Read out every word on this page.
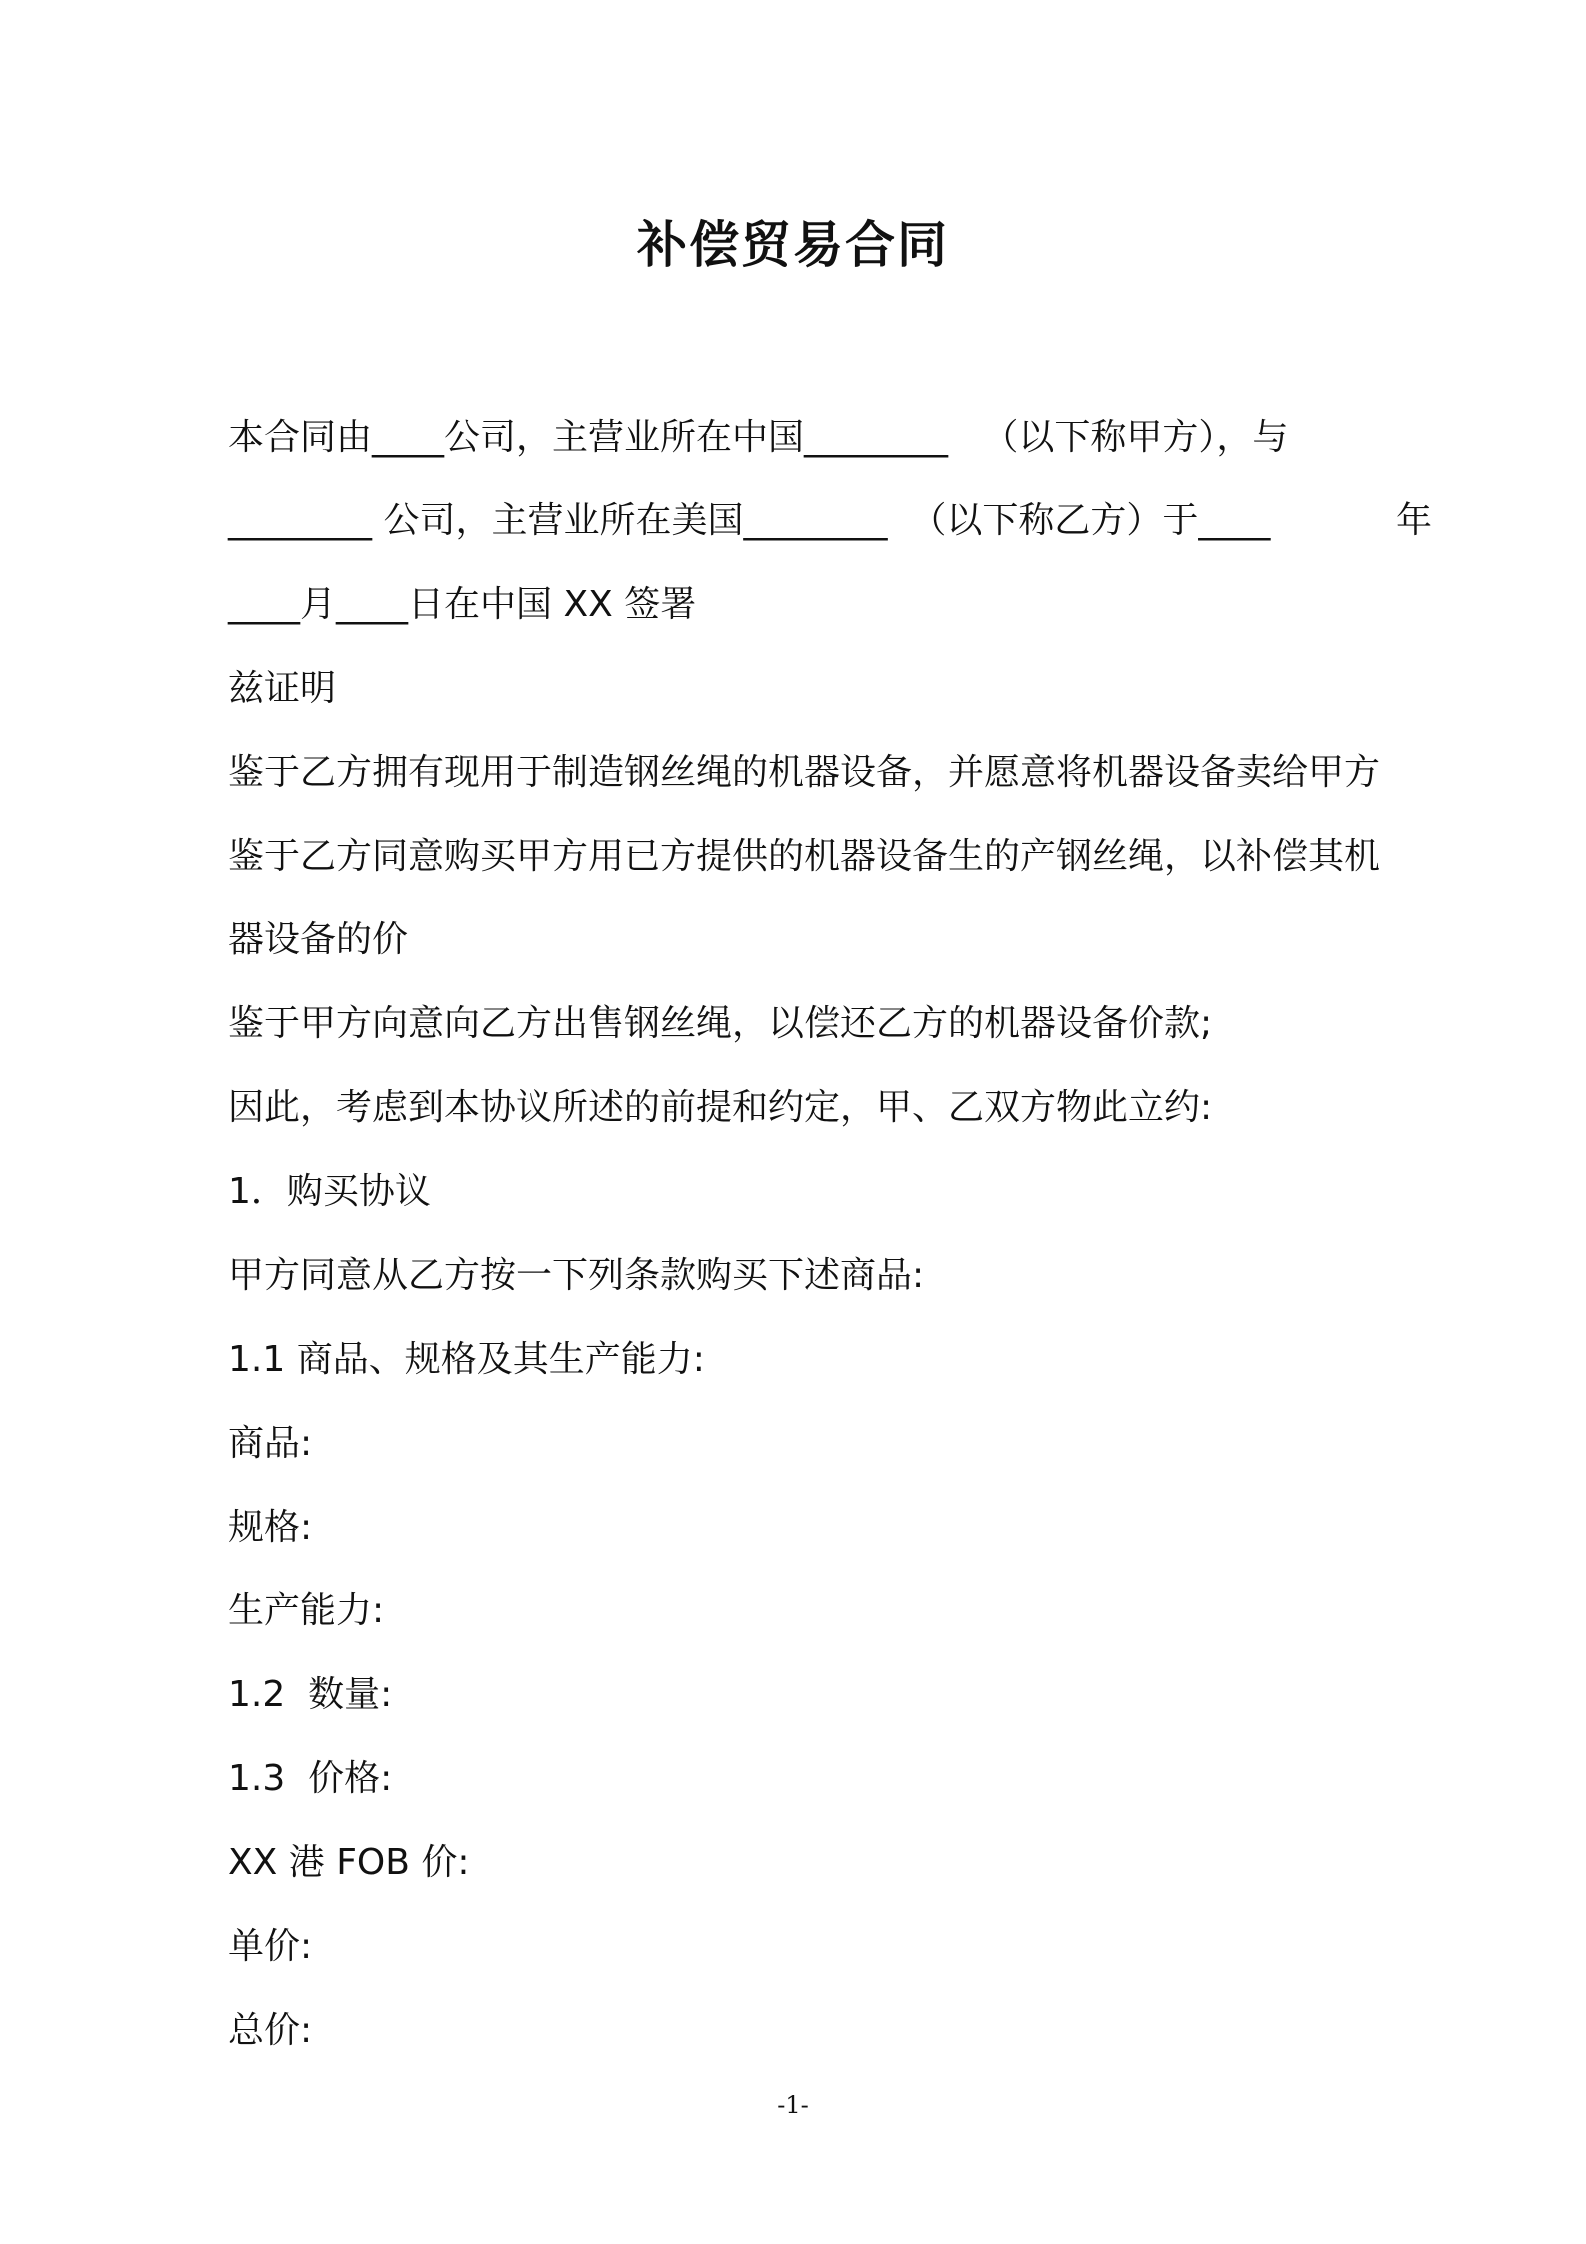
补偿贸易合同
本合同由____公司，主营业所在中国________   （以下称甲方），与
________ 公司，主营业所在美国________  （以下称乙方）于____	年
____月____日在中国 XX 签署
兹证明
鉴于乙方拥有现用于制造钢丝绳的机器设备，并愿意将机器设备卖给甲方
鉴于乙方同意购买甲方用已方提供的机器设备生的产钢丝绳，以补偿其机
器设备的价
鉴于甲方向意向乙方出售钢丝绳，以偿还乙方的机器设备价款;
因此，考虑到本协议所述的前提和约定，甲、乙双方物此立约:
1．购买协议
甲方同意从乙方按一下列条款购买下述商品:
1.1 商品、规格及其生产能力:
商品:
规格:
生产能力:
1.2  数量:
1.3  价格:
XX 港 FOB 价:
单价:
总价:
-1-
